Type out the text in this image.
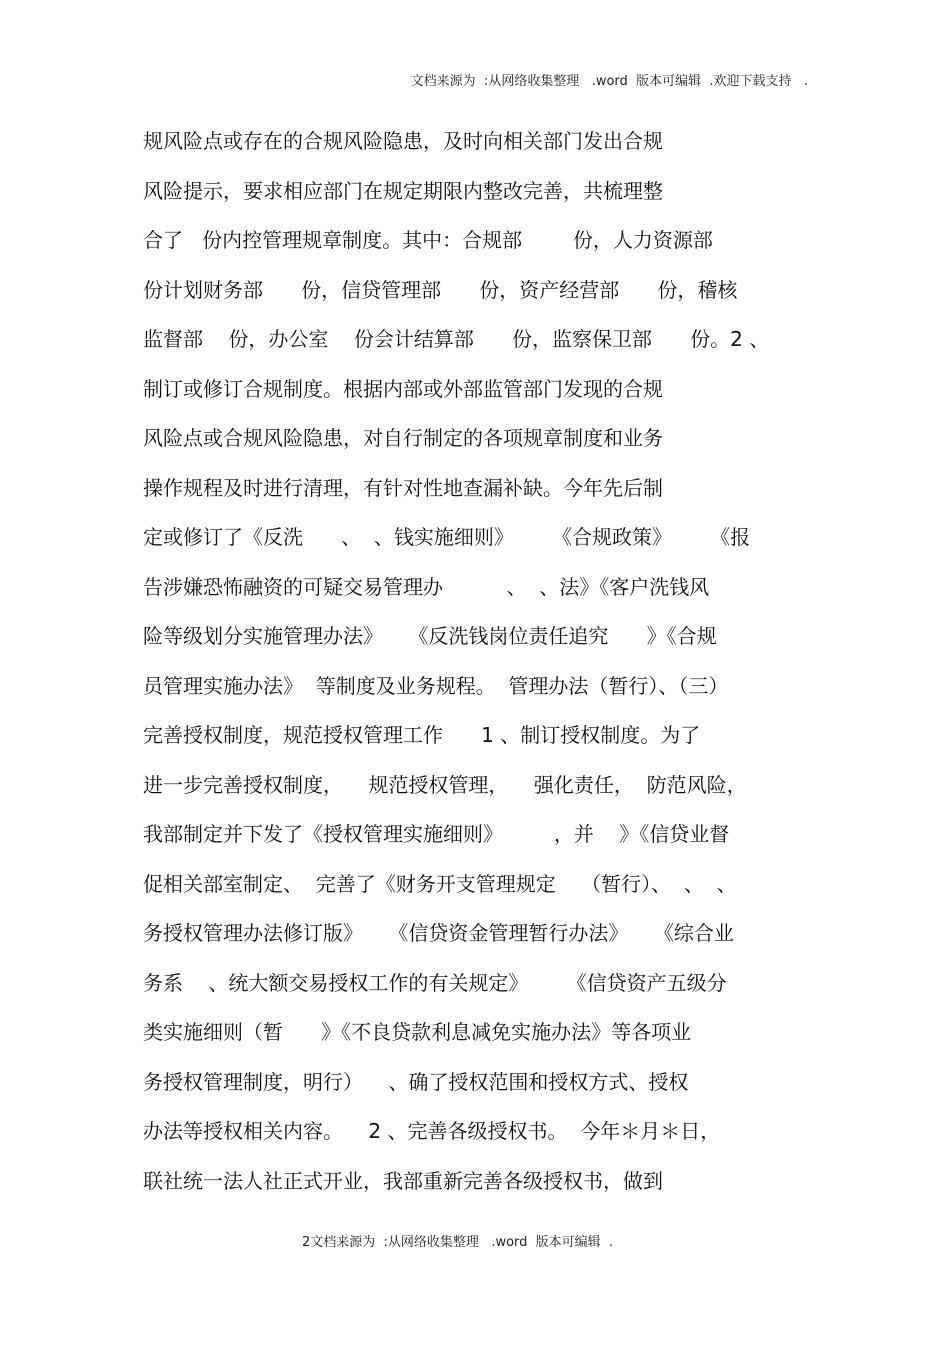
文档来源为  :从网络收集整理   .word  版本可编辑  .欢迎下载支持   .
规风险点或存在的合规风险隐患，及时向相关部门发出合规
风险提示，要求相应部门在规定期限内整改完善，共梳理整
合了   份内控管理规章制度。其中：合规部        份，人力资源部
份计划财务部      份，信贷管理部      份，资产经营部      份，稽核
监督部    份，办公室    份会计结算部      份，监察保卫部      份。2 、
制订或修订合规制度。根据内部或外部监管部门发现的合规
风险点或合规风险隐患，对自行制定的各项规章制度和业务
操作规程及时进行清理，有针对性地查漏补缺。今年先后制
定或修订了《反洗      、  、钱实施细则》      《合规政策》      《报
告涉嫌恐怖融资的可疑交易管理办          、  、法》《客户洗钱风
险等级划分实施管理办法》    《反洗钱岗位责任追究      》《合规
员管理实施办法》  等制度及业务规程。  管理办法（暂行）、（三）
完善授权制度，规范授权管理工作      1 、制订授权制度。为了
进一步完善授权制度，    规范授权管理，    强化责任，  防范风险，
我部制定并下发了《授权管理实施细则》        ，并    》《信贷业督
促相关部室制定、  完善了《财务开支管理规定    （暂行）、  、  、
务授权管理办法修订版》    《信贷资金管理暂行办法》    《综合业
务系    、统大额交易授权工作的有关规定》      《信贷资产五级分
类实施细则（暂      》《不良贷款利息减免实施办法》等各项业
务授权管理制度，明行）    、确了授权范围和授权方式、授权
办法等授权相关内容。    2 、完善各级授权书。  今年＊月＊日，
联社统一法人社正式开业，我部重新完善各级授权书，做到
2文档来源为  :从网络收集整理   .word  版本可编辑  .
